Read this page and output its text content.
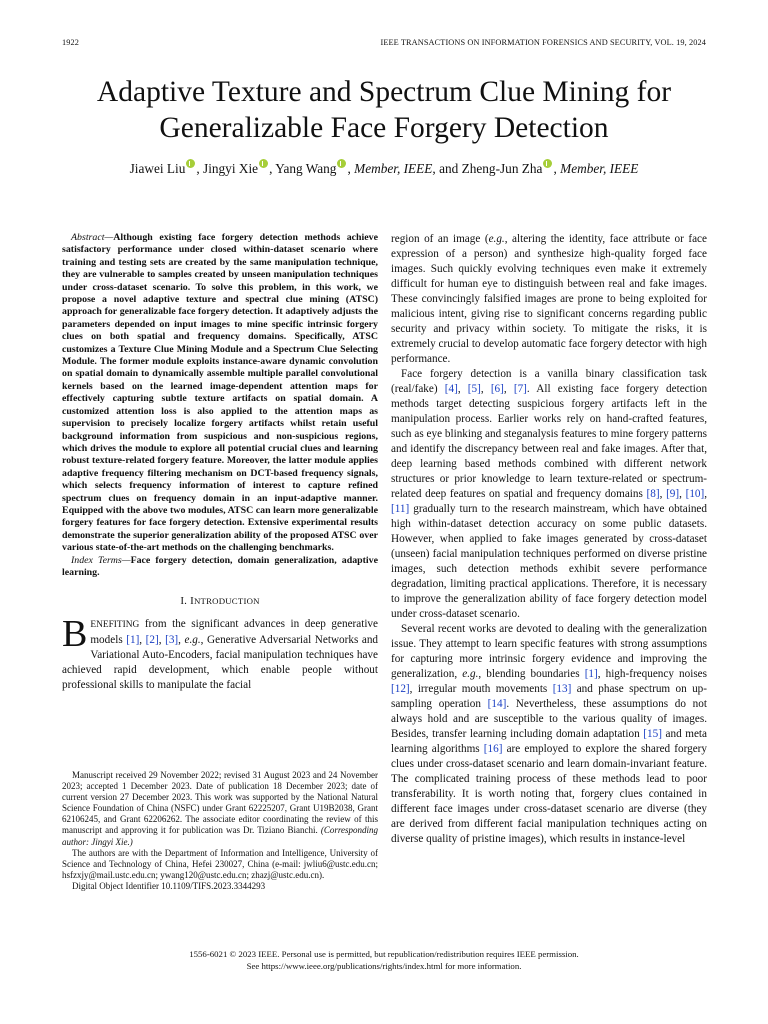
1922	IEEE TRANSACTIONS ON INFORMATION FORENSICS AND SECURITY, VOL. 19, 2024
Adaptive Texture and Spectrum Clue Mining for
Generalizable Face Forgery Detection
Jiawei Liu , Jingyi Xie , Yang Wang , Member, IEEE, and Zheng-Jun Zha , Member, IEEE

Abstract—Although existing face forgery detection methods achieve satisfactory performance under closed within-dataset scenario where training and testing sets are created by the same manipulation technique, they are vulnerable to samples created by unseen manipulation techniques under cross-dataset scenario. To solve this problem, in this work, we propose a novel adaptive texture and spectral clue mining (ATSC) approach for generalizable face forgery detection. It adaptively adjusts the parameters depended on input images to mine specific intrinsic forgery clues on both spatial and frequency domains. Specifically, ATSC customizes a Texture Clue Mining Module and a Spectrum Clue Selecting Module. The former module exploits instance-aware dynamic convolution on spatial domain to dynamically assemble multiple parallel convolutional kernels based on the learned image-dependent attention maps for effectively capturing subtle texture artifacts on spatial domain. A customized attention loss is also applied to the attention maps as supervision to precisely localize forgery artifacts whilst retain useful background information from suspicious and non-suspicious regions, which drives the module to explore all potential crucial clues and learning robust texture-related forgery feature. Moreover, the latter module applies adaptive frequency filtering mechanism on DCT-based frequency signals, which selects frequency information of interest to capture refined spectrum clues on frequency domain in an input-adaptive manner. Equipped with the above two modules, ATSC can learn more generalizable forgery features for face forgery detection. Extensive experimental results demonstrate the superior generalization ability of the proposed ATSC over various state-of-the-art methods on the challenging benchmarks.

Index Terms—Face forgery detection, domain generalization, adaptive learning.

I. INTRODUCTION

BENEFITING from the significant advances in deep generative models [1], [2], [3], e.g., Generative Adversarial Networks and Variational Auto-Encoders, facial manipulation techniques have achieved rapid development, which enable people without professional skills to manipulate the facial

Manuscript received 29 November 2022; revised 31 August 2023 and 24 November 2023; accepted 1 December 2023. Date of publication 18 December 2023; date of current version 27 December 2023. This work was supported by the National Natural Science Foundation of China (NSFC) under Grant 62225207, Grant U19B2038, Grant 62106245, and Grant 62206262. The associate editor coordinating the review of this manuscript and approving it for publication was Dr. Tiziano Bianchi. (Corresponding author: Jingyi Xie.)

The authors are with the Department of Information and Intelligence, University of Science and Technology of China, Hefei 230027, China (e-mail: jwliu6@ustc.edu.cn; hsfzxjy@mail.ustc.edu.cn; ywang120@ustc.edu.cn; zhazj@ustc.edu.cn).

Digital Object Identifier 10.1109/TIFS.2023.3344293

region of an image (e.g., altering the identity, face attribute or face expression of a person) and synthesize high-quality forged face images. Such quickly evolving techniques even make it extremely difficult for human eye to distinguish between real and fake images. These convincingly falsified images are prone to being exploited for malicious intent, giving rise to significant concerns regarding public security and privacy within society. To mitigate the risks, it is extremely crucial to develop automatic face forgery detector with high performance.

Face forgery detection is a vanilla binary classification task (real/fake) [4], [5], [6], [7]. All existing face forgery detection methods target detecting suspicious forgery artifacts left in the manipulation process. Earlier works rely on hand-crafted features, such as eye blinking and steganalysis features to mine forgery patterns and identify the discrepancy between real and fake images. After that, deep learning based methods combined with different network structures or prior knowledge to learn texture-related or spectrum-related deep features on spatial and frequency domains [8], [9], [10], [11] gradually turn to the research mainstream, which have obtained high within-dataset detection accuracy on some public datasets. However, when applied to fake images generated by cross-dataset (unseen) facial manipulation techniques performed on diverse pristine images, such detection methods exhibit severe performance degradation, limiting practical applications. Therefore, it is necessary to improve the generalization ability of face forgery detection model under cross-dataset scenario.

Several recent works are devoted to dealing with the generalization issue. They attempt to learn specific features with strong assumptions for capturing more intrinsic forgery evidence and improving the generalization, e.g., blending boundaries [1], high-frequency noises [12], irregular mouth movements [13] and phase spectrum on up-sampling operation [14]. Nevertheless, these assumptions do not always hold and are susceptible to the various quality of images. Besides, transfer learning including domain adaptation [15] and meta learning algorithms [16] are employed to explore the shared forgery clues under cross-dataset scenario and learn domain-invariant feature. The complicated training process of these methods lead to poor transferability. It is worth noting that, forgery clues contained in different face images under cross-dataset scenario are diverse (they are derived from different facial manipulation techniques acting on diverse quality of pristine images), which results in instance-level

1556-6021 © 2023 IEEE. Personal use is permitted, but republication/redistribution requires IEEE permission.
See https://www.ieee.org/publications/rights/index.html for more information.
